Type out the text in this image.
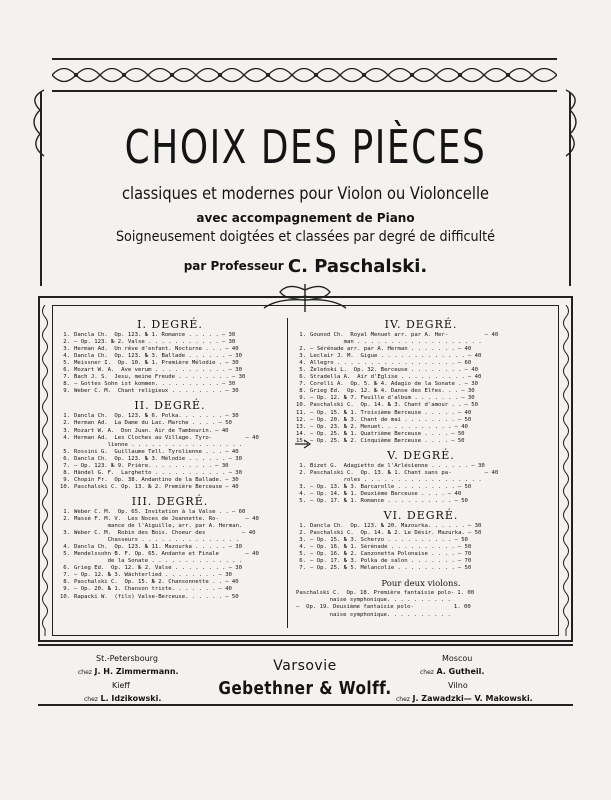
CHOIX DES PIÈCES
classiques et modernes pour Violon ou Violoncelle
avec accompagnement de Piano
Soigneusement doigtées et classées par degré de difficulté
par Professeur C. Paschalski.
I. DEGRÉ.
1. Dancla Ch.  Op. 123. № 1. Romance . . . . . — 30
2. — Op. 123. № 2. Valse . . . . . . . . . . . — 30
3. Herman Ad.  Un rêve d'enfant. Nocturne . . . — 40
4. Dancla Ch.  Op. 123. № 3. Ballade . . . . . . — 30
5. Meissner I.  Op. 10. № 1. Première Mélodie . — 30
6. Mozart W. A.  Ave verum . . . . . . . . . . . — 30
7. Bach J. S.  Jesu, meine Freude . . . . . . . . — 30
8. — Gottes Sohn ist kommen. . . . . . . . . . — 30
9. Weber C. M.  Chant religieux . . . . . . . . — 30
II. DEGRÉ.
1. Dancla Ch.  Op. 123. № 6. Polka. . . . . . . — 30
2. Herman Ad.  La Dame du Lac. Marche . . . . — 50
3. Mozart W. A.  Don Juan. Air de Tambourin. — 40
4. Herman Ad.  Les Cloches au Village. Tyro-
lienne . . . . . . . . . . . . . . . . .
— 40
5. Rossini G.  Guillaume Tell. Tyrolienne . . . — 40
6. Dancla Ch.  Op. 123. № 3. Mélodie . . . . . . — 30
7. — Op. 123. № 9. Prière. . . . . . . . . . — 30
8. Händel G. F.  Larghetto . . . . . . . . . . . — 30
9. Chopin Fr.  Op. 38. Andantino de la Ballade. — 30
10. Paschalski C. Op. 13. № 2. Première Berceuse — 40
III. DEGRÉ.
1. Weber C. M.  Op. 65. Invitation à la Valse . . — 60
2. Massé F. M. V.  Les Noces de Jeannette. Ro-
mance de l'Aiguille, arr. par A. Herman.
— 40
3. Weber C. M.  Robin des Bois. Choeur des
Chasseurs . . . . . . . . . . . . . . .
— 40
4. Dancla Ch.  Op. 123. № 11. Mazourka . . . . . — 30
5. Mendelssohn B. F. Op. 65. Andante et Finale
de la Sonate . . . . . . . . . . . . . .
— 40
6. Grieg Ed.  Op. 12. № 2. Valse . . . . . . . . — 30
7. — Op. 12. № 3. Wächterlied . . . . . . . . — 30
8. Paschalski C.  Op. 15. № 2. Chansonnette . . — 40
9. — Op. 20. № 1. Chanson triste. . . . . . . — 40
10. Rapacki W.  (fils) Valse-Berceuse. . . . . . — 50
IV. DEGRÉ.
1. Gounod Ch.  Royal Menuet arr. par A. Her-
man . . . . . . . . . . . . . . . . . . .
— 40
2. — Sérénade arr. par A. Herman . . . . . . . — 40
3. Leclair J. M.  Gigue . . . . . . . . . . . . . — 40
4. Allegro . . . . . . . . . . . . . . . . . . — 60
5. Żeleński L.  Op. 32. Berceuse . . . . . . . . — 40
6. Stradella A.  Air d'Eglise . . . . . . . . . . — 40
7. Corelli A.  Op. 5. № 4. Adagio de la Sonate . — 30
8. Grieg Ed.  Op. 12. № 4. Danse des Elfes. . . — 30
9. — Op. 12. № 7. Feuille d'album . . . . . . . — 30
10. Paschalski C.  Op. 14. № 3. Chant d'amour . . — 50
11. — Op. 15. № 1. Troisième Berceuse . . . . . — 40
12. — Op. 20. № 3. Chant de mai . . . . . . . . — 50
13. — Op. 23. № 2. Menuet. . . . . . . . . . . — 40
14. — Op. 25. № 1. Quatrième Berceuse . . . . — 50
15. — Op. 25. № 2. Cinquième Berceuse . . . . — 50
V. DEGRÉ.
1. Bizet G.  Adagietto de l'Arlésienne . . . . . . — 30
2. Paschalski C.  Op. 13. № 1. Chant sans pa-
roles . . . . . . . . . . . . . . . . . .
— 40
3. — Op. 13. № 3. Barcarolle . . . . . . . . . — 50
4. — Op. 14. № 1. Deuxième Berceuse . . . . — 40
5. — Op. 17. № 1. Romance . . . . . . . . . . — 50
VI. DEGRÉ.
1. Dancla Ch.  Op. 123. № 20. Mazourka. . . . . . — 30
2. Paschalski C.  Op. 14. № 2. Le Désir. Mazurka. — 50
3. — Op. 15. № 3. Scherzo . . . . . . . . . . — 50
4. — Op. 16. № 1. Sérénade . . . . . . . . . . — 50
5. — Op. 16. № 2. Canzonetta Polonaise . . . . — 70
6. — Op. 17. № 3. Polka de salon . . . . . . . — 70
7. — Op. 25. № 5. Mélancolie . . . . . . . . . — 50
Pour deux violons.
Paschalski C.  Op. 18. Première fantaisie polo-
naise symphonique. . . . . . . . . .
1. 00
—  Op. 19. Deuxième fantaisie polo-
naise symphonique. . . . . . . . . .
1. 00
St.-Petersbourg
chez J. H. Zimmermann.
Kieff
chez L. Idzikowski.
Varsovie
Gebethner & Wolff.
Moscou
chez A. Gutheil.
Vilno
chez J. Zawadzki— V. Makowski.
